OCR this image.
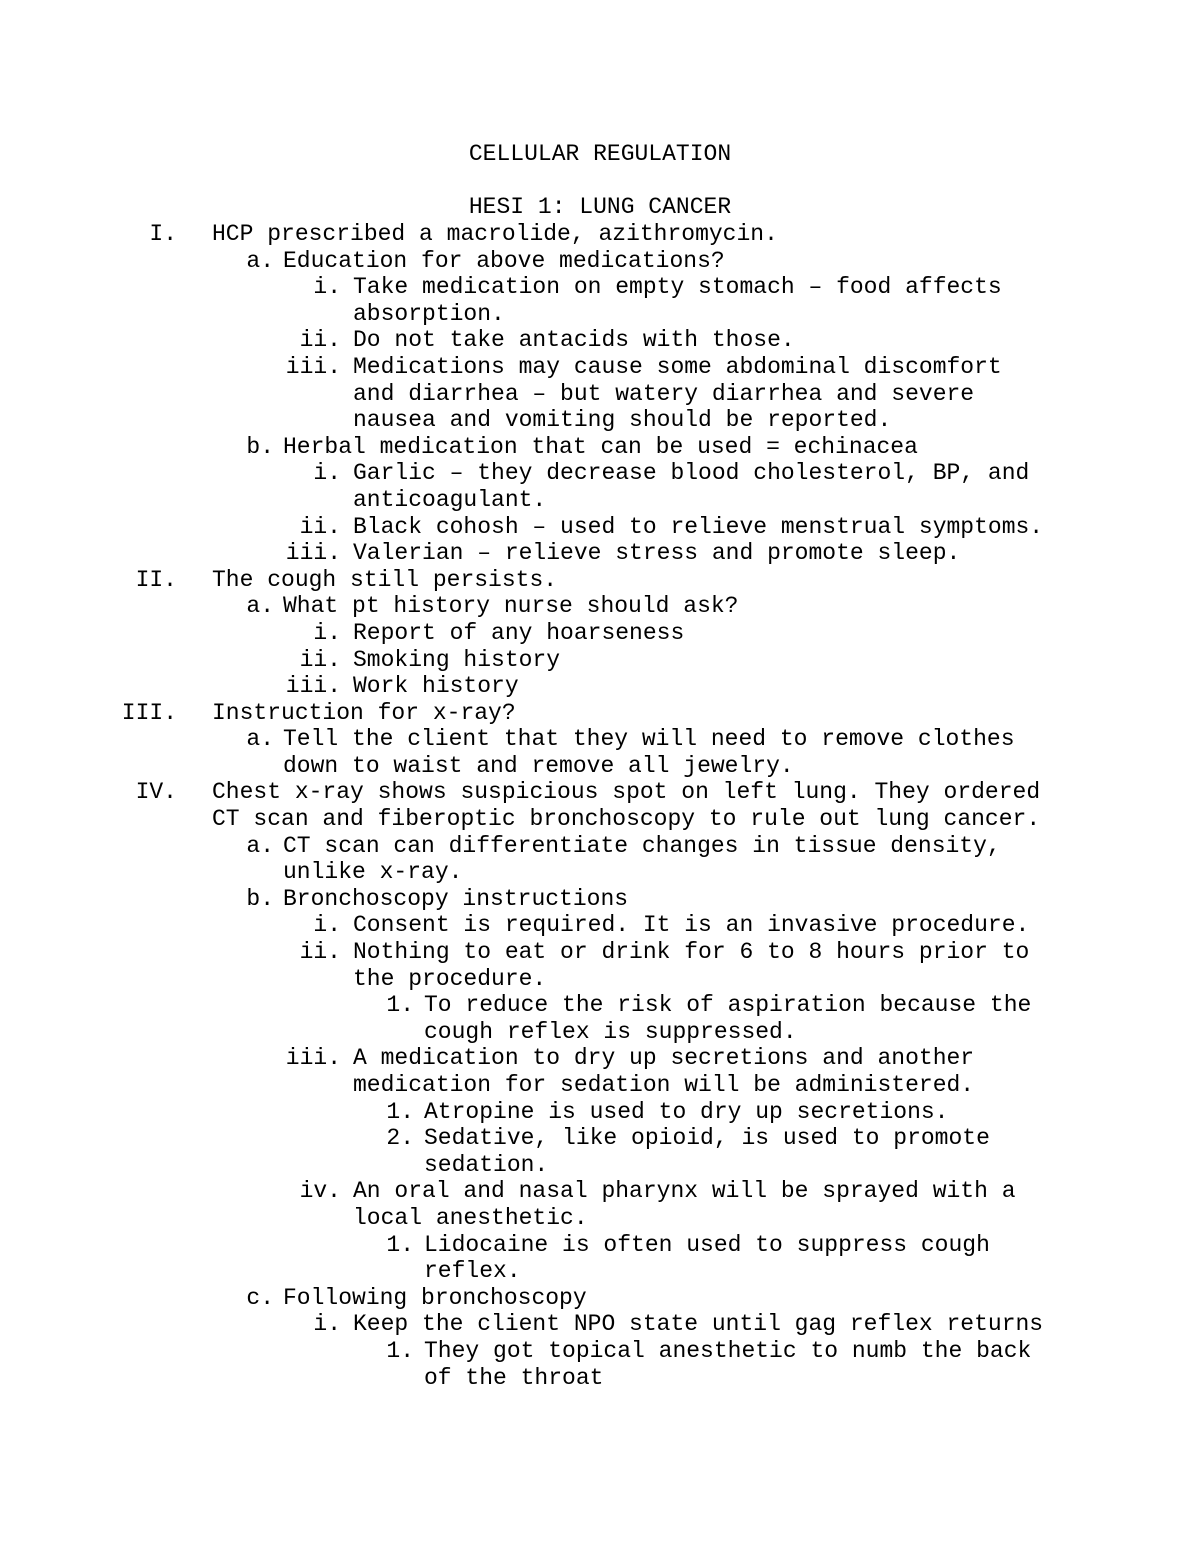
CELLULAR REGULATION
HESI 1: LUNG CANCER
I. HCP prescribed a macrolide, azithromycin.
a. Education for above medications?
i. Take medication on empty stomach – food affects
absorption.
ii. Do not take antacids with those.
iii. Medications may cause some abdominal discomfort
and diarrhea – but watery diarrhea and severe
nausea and vomiting should be reported.
b. Herbal medication that can be used = echinacea
i. Garlic – they decrease blood cholesterol, BP, and
anticoagulant.
ii. Black cohosh – used to relieve menstrual symptoms.
iii. Valerian – relieve stress and promote sleep.
II. The cough still persists.
a. What pt history nurse should ask?
i. Report of any hoarseness
ii. Smoking history
iii. Work history
III. Instruction for x-ray?
a. Tell the client that they will need to remove clothes
down to waist and remove all jewelry.
IV. Chest x-ray shows suspicious spot on left lung. They ordered
CT scan and fiberoptic bronchoscopy to rule out lung cancer.
a. CT scan can differentiate changes in tissue density,
unlike x-ray.
b. Bronchoscopy instructions
i. Consent is required. It is an invasive procedure.
ii. Nothing to eat or drink for 6 to 8 hours prior to
the procedure.
1. To reduce the risk of aspiration because the
cough reflex is suppressed.
iii. A medication to dry up secretions and another
medication for sedation will be administered.
1. Atropine is used to dry up secretions.
2. Sedative, like opioid, is used to promote
sedation.
iv. An oral and nasal pharynx will be sprayed with a
local anesthetic.
1. Lidocaine is often used to suppress cough
reflex.
c. Following bronchoscopy
i. Keep the client NPO state until gag reflex returns
1. They got topical anesthetic to numb the back
of the throat
